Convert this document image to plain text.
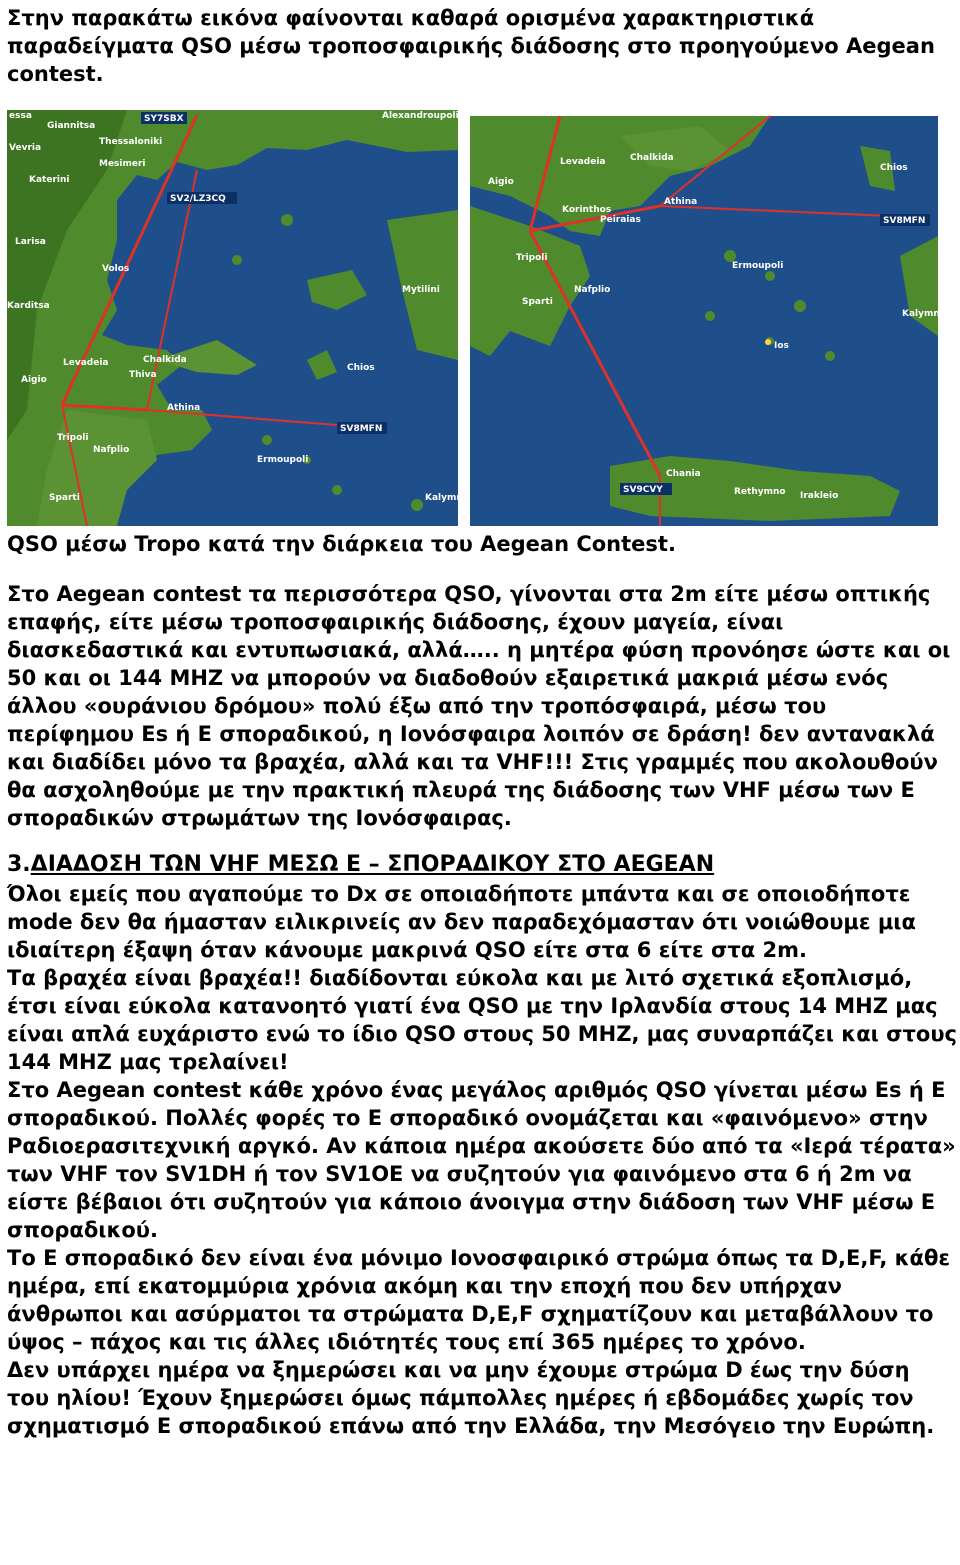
Στην παρακάτω εικόνα φαίνονται καθαρά ορισμένα χαρακτηριστικά παραδείγματα QSO μέσω τροποσφαιρικής διάδοσης στο προηγούμενο Aegean contest.

SY7SBX
SV2/LZ3CQ
SV8MFN
essa
Giannitsa
Thessaloniki
Alexandroupoli
Vevria
Mesimeri
Katerini
Larisa
Volos
Mytilini
Karditsa
Chalkida
Levadeia
Thiva
Chios
Aigio
Athina
Tripoli
Nafplio
Ermoupoli
Sparti	Kalymn
SV8MFN
SV9CVY
Levadeia	Chalkida
Aigio
Korinthos
Peiraias
Athina
Chios
Tripoli
Nafplio
Ermoupoli
Sparti
Kalymn
Ios
Chania
Rethymno Irakleio

QSO μέσω Tropo κατά την διάρκεια του Aegean Contest.

Στο Aegean contest τα περισσότερα QSO, γίνονται στα 2m είτε μέσω οπτικής επαφής, είτε μέσω τροποσφαιρικής διάδοσης, έχουν μαγεία, είναι διασκεδαστικά και εντυπωσιακά, αλλά….. η μητέρα φύση προνόησε ώστε και οι 50 και οι 144 MHZ να μπορούν να διαδοθούν εξαιρετικά μακριά μέσω ενός άλλου «ουράνιου δρόμου» πολύ έξω από την τροπόσφαιρά, μέσω του περίφημου Es ή E σποραδικού, η Ιονόσφαιρα λοιπόν σε δράση! δεν αντανακλά και διαδίδει μόνο τα βραχέα, αλλά και τα VHF!!! Στις γραμμές που ακολουθούν θα ασχοληθούμε με την πρακτική πλευρά της διάδοσης των VHF μέσω των E σποραδικών στρωμάτων της Ιονόσφαιρας.

3.ΔΙΑΔΟΣΗ ΤΩΝ VHF ΜΕΣΩ E – ΣΠΟΡΑΔΙΚΟΥ ΣΤΟ AEGEAN

Όλοι εμείς που αγαπούμε το Dx σε οποιαδήποτε μπάντα και σε οποιοδήποτε mode δεν θα ήμασταν ειλικρινείς αν δεν παραδεχόμασταν ότι νοιώθουμε μια ιδιαίτερη έξαψη όταν κάνουμε μακρινά QSO είτε στα 6 είτε στα 2m.

Τα βραχέα είναι βραχέα!! διαδίδονται εύκολα και με λιτό σχετικά εξοπλισμό, έτσι είναι εύκολα κατανοητό γιατί ένα QSO με την Ιρλανδία στους 14 MHZ μας είναι απλά ευχάριστο ενώ το ίδιο QSO στους 50 MHZ, μας συναρπάζει και στους 144 MHZ μας τρελαίνει!

Στο Aegean contest κάθε χρόνο ένας μεγάλος αριθμός QSO γίνεται μέσω Es ή E σποραδικού. Πολλές φορές το E σποραδικό ονομάζεται και «φαινόμενο» στην Ραδιοερασιτεχνική αργκό. Αν κάποια ημέρα ακούσετε δύο από τα «Ιερά τέρατα» των VHF τον SV1DH ή τον SV1OE να συζητούν για φαινόμενο στα 6 ή 2m να είστε βέβαιοι ότι συζητούν για κάποιο άνοιγμα στην διάδοση των VHF μέσω E σποραδικού.

Το E σποραδικό δεν είναι ένα μόνιμο Ιονοσφαιρικό στρώμα όπως τα D,E,F, κάθε ημέρα, επί εκατομμύρια χρόνια ακόμη και την εποχή που δεν υπήρχαν άνθρωποι και ασύρματοι τα στρώματα D,E,F σχηματίζουν και μεταβάλλουν το ύψος – πάχος και τις άλλες ιδιότητές τους επί 365 ημέρες το χρόνο.

Δεν υπάρχει ημέρα να ξημερώσει και να μην έχουμε στρώμα D έως την δύση του ηλίου! Έχουν ξημερώσει όμως πάμπολλες ημέρες ή εβδομάδες χωρίς τον σχηματισμό E σποραδικού επάνω από την Ελλάδα, την Μεσόγειο την Ευρώπη.
